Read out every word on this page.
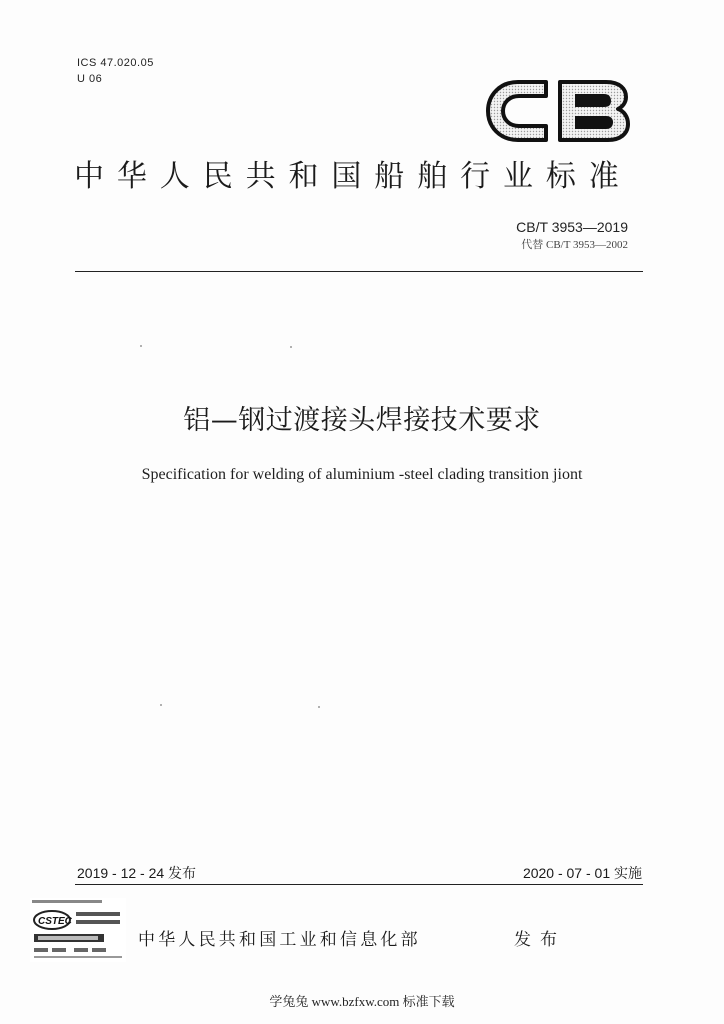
ICS 47.020.05
U 06
中华人民共和国船舶行业标准
CB/T 3953—2019
代替 CB/T 3953—2002
铝—钢过渡接头焊接技术要求
Specification for welding of aluminium -steel clading transition jiont
2019 - 12 - 24 发布	2020 - 07 - 01 实施
CSTEC
中华人民共和国工业和信息化部	发布
学兔兔 www.bzfxw.com 标准下载
